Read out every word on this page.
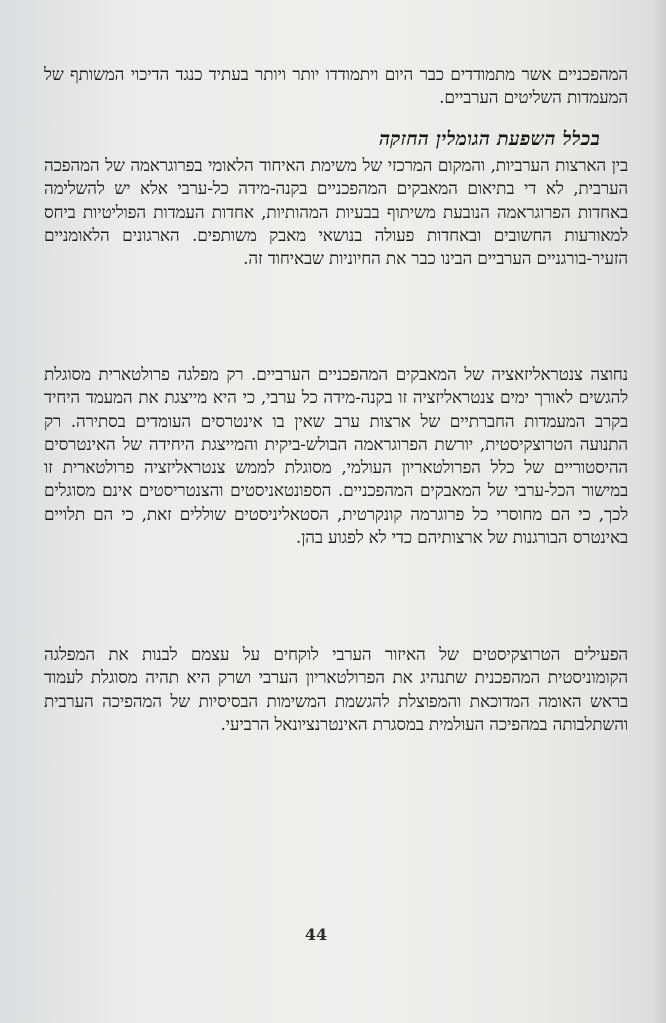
המהפכניים אשר מתמודדים כבר היום ויתמודדו יותר ויותר בעתיד כנגד הדיכוי המשותף של המעמדות השליטים הערביים.

בכלל השפעת הגומלין החזקה

בין הארצות הערביות, והמקום המרכזי של משימת האיחוד הלאומי בפרוגראמה של המהפכה הערבית, לא די בתיאום המאבקים המהפכניים בקנה-מידה כל-ערבי אלא יש להשלימה באחדות הפרוגראמה הנובעת משיתוף בבעיות המהותיות, אחדות העמדות הפוליטיות ביחס למאורעות החשובים ובאחדות פעולה בנושאי מאבק משותפים. הארגונים הלאומניים הזעיר-בורגניים הערביים הבינו כבר את החיוניות שבאיחוד זה.

נחוצה צנטראליזאציה של המאבקים המהפכניים הערביים. רק מפלגה פרולטארית מסוגלת להגשים לאורך ימים צנטראליזציה זו בקנה-מידה כל ערבי, כי היא מייצגת את המעמד היחיד בקרב המעמדות החברתיים של ארצות ערב שאין בו אינטרסים העומדים בסתירה. רק התנועה הטרוצקיסטית, יורשת הפרוגראמה הבולש-ביקית והמייצגת היחידה של האינטרסים ההיסטוריים של כלל הפרולטאריון העולמי, מסוגלת לממש צנטראליזציה פרולטארית זו במישור הכל-ערבי של המאבקים המהפכניים. הספונטאניסטים והצנטריסטים אינם מסוגלים לכך, כי הם מחוסרי כל פרוגרמה קונקרטית, הסטאליניסטים שוללים זאת, כי הם תלויים באינטרס הבורגנות של ארצותיהם כדי לא לפגוע בהן.

הפעילים הטרוצקיסטים של האיזור הערבי לוקחים על עצמם לבנות את המפלגה הקומוניסטית המהפכנית שתנהיג את הפרולטאריון הערבי ושרק היא תהיה מסוגלת לעמוד בראש האומה המדוכאת והמפוצלת להגשמת המשימות הבסיסיות של המהפיכה הערבית והשתלבותה במהפיכה העולמית במסגרת האינטרנציונאל הרביעי.

44
